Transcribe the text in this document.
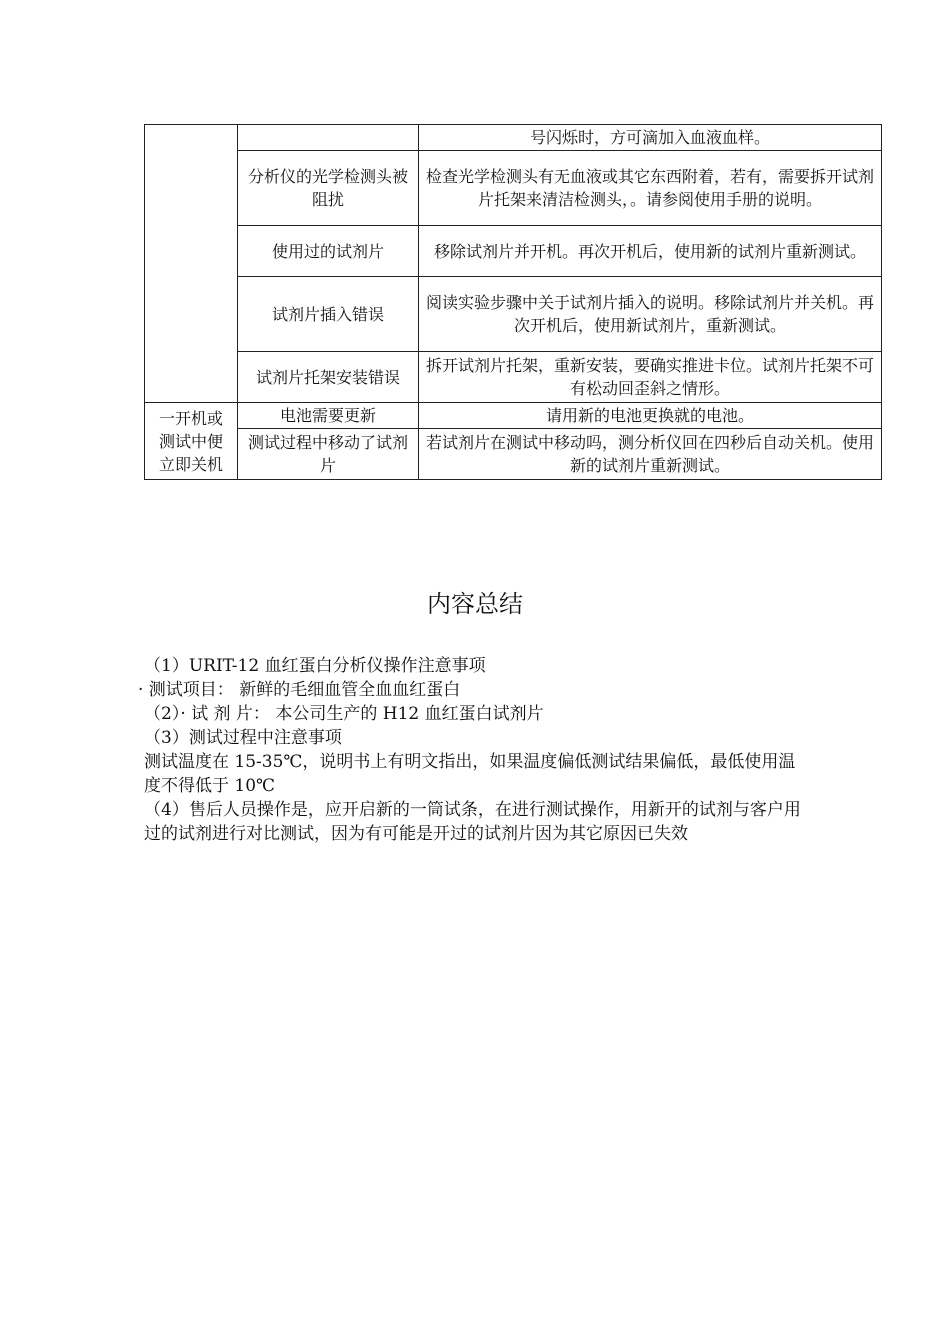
		号闪烁时，方可滴加入血液血样。
	分析仪的光学检测头被阻扰	检查光学检测头有无血液或其它东西附着，若有，需要拆开试剂片托架来清洁检测头，。请参阅使用手册的说明。
	使用过的试剂片	移除试剂片并开机。再次开机后，使用新的试剂片重新测试。
	试剂片插入错误	阅读实验步骤中关于试剂片插入的说明。移除试剂片并关机。再次开机后，使用新试剂片，重新测试。
	试剂片托架安装错误	拆开试剂片托架，重新安装，要确实推进卡位。试剂片托架不可有松动回歪斜之情形。
一开机或测试中便立即关机	电池需要更新	请用新的电池更换就的电池。
	测试过程中移动了试剂片	若试剂片在测试中移动吗，测分析仪回在四秒后自动关机。使用新的试剂片重新测试。
内容总结

（1）URIT-12 血红蛋白分析仪操作注意事项

· 测试项目： 新鲜的毛细血管全血血红蛋白

（2）· 试 剂 片： 本公司生产的 H12 血红蛋白试剂片

（3）测试过程中注意事项

测试温度在 15-35℃，说明书上有明文指出，如果温度偏低测试结果偏低，最低使用温度不得低于 10℃

（4）售后人员操作是，应开启新的一筒试条，在进行测试操作，用新开的试剂与客户用过的试剂进行对比测试，因为有可能是开过的试剂片因为其它原因已失效
